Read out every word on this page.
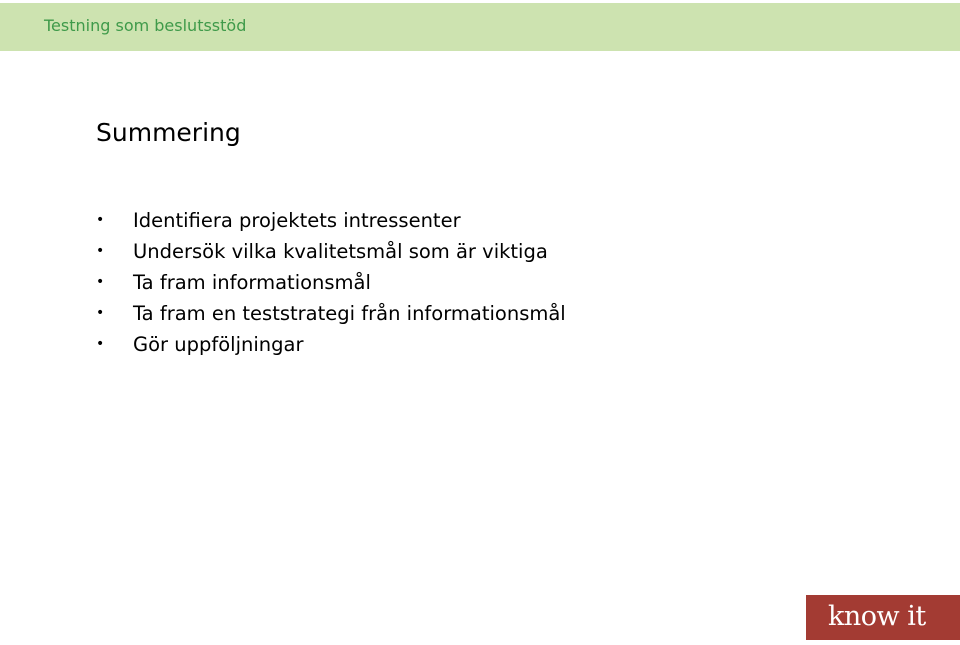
Testning som beslutsstöd
Summering
• Identifiera projektets intressenter
• Undersök vilka kvalitetsmål som är viktiga
• Ta fram informationsmål
• Ta fram en teststrategi från informationsmål
• Gör uppföljningar
know it
